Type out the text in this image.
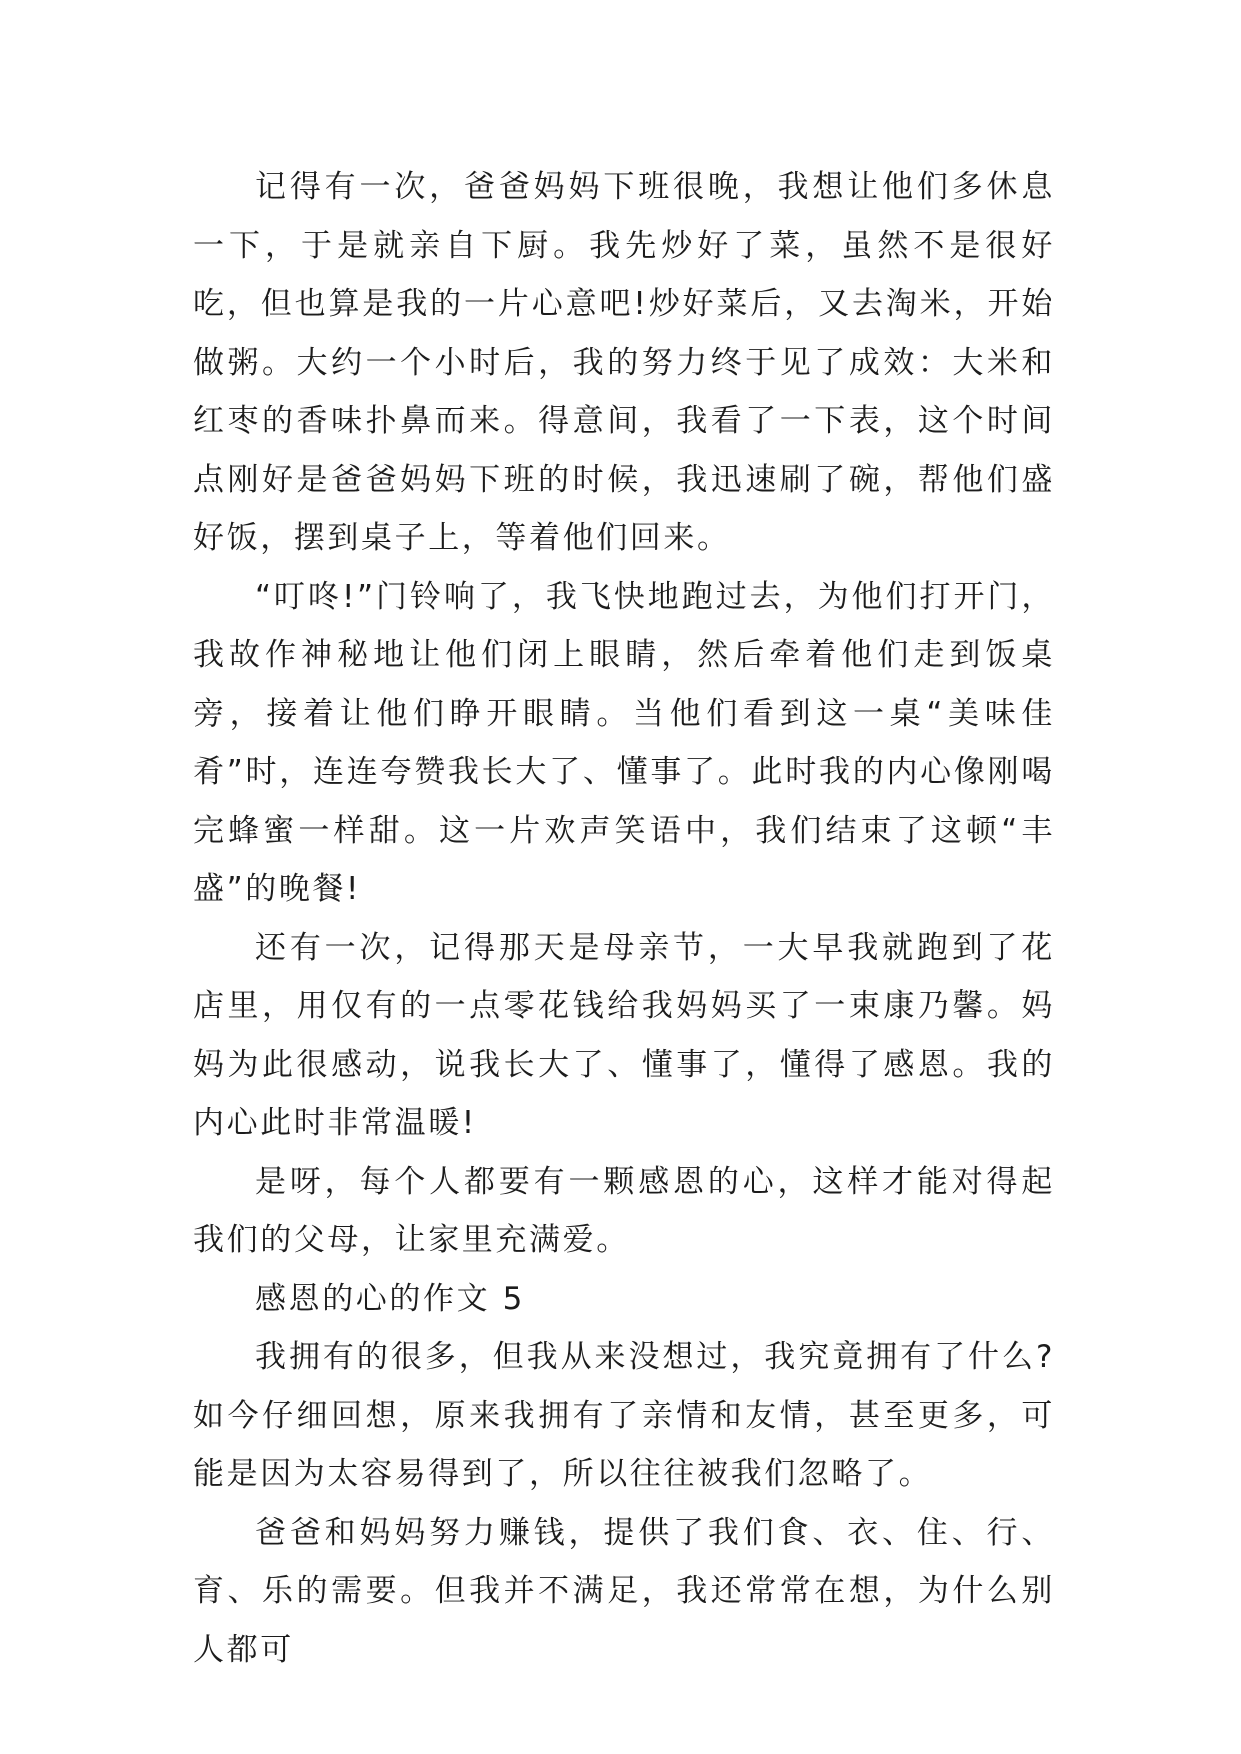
记得有一次，爸爸妈妈下班很晚，我想让他们多休息一下，于是就亲自下厨。我先炒好了菜，虽然不是很好吃，但也算是我的一片心意吧!炒好菜后，又去淘米，开始做粥。大约一个小时后，我的努力终于见了成效：大米和红枣的香味扑鼻而来。得意间，我看了一下表，这个时间点刚好是爸爸妈妈下班的时候，我迅速刷了碗，帮他们盛好饭，摆到桌子上，等着他们回来。

“叮咚!”门铃响了，我飞快地跑过去，为他们打开门，我故作神秘地让他们闭上眼睛，然后牵着他们走到饭桌旁，接着让他们睁开眼睛。当他们看到这一桌“美味佳肴”时，连连夸赞我长大了、懂事了。此时我的内心像刚喝完蜂蜜一样甜。这一片欢声笑语中，我们结束了这顿“丰盛”的晚餐!

还有一次，记得那天是母亲节，一大早我就跑到了花店里，用仅有的一点零花钱给我妈妈买了一束康乃馨。妈妈为此很感动，说我长大了、懂事了，懂得了感恩。我的内心此时非常温暖!

是呀，每个人都要有一颗感恩的心，这样才能对得起我们的父母，让家里充满爱。

感恩的心的作文 5

我拥有的很多，但我从来没想过，我究竟拥有了什么?如今仔细回想，原来我拥有了亲情和友情，甚至更多，可能是因为太容易得到了，所以往往被我们忽略了。

爸爸和妈妈努力赚钱，提供了我们食、衣、住、行、育、乐的需要。但我并不满足，我还常常在想，为什么别人都可
